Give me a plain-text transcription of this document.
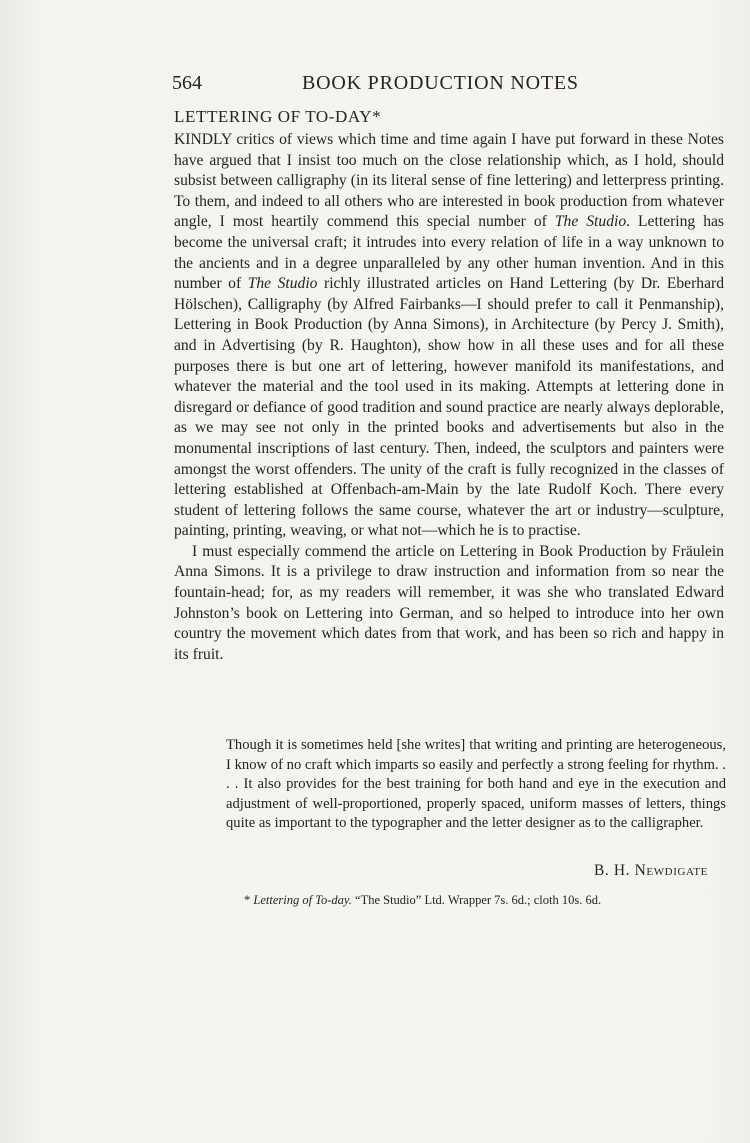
564	BOOK PRODUCTION NOTES
LETTERING OF TO-DAY*

KINDLY critics of views which time and time again I have put forward in these Notes have argued that I insist too much on the close relationship which, as I hold, should subsist between calligraphy (in its literal sense of fine lettering) and letterpress printing. To them, and indeed to all others who are interested in book production from whatever angle, I most heartily commend this special number of The Studio. Lettering has become the universal craft; it intrudes into every relation of life in a way unknown to the ancients and in a degree unparalleled by any other human invention. And in this number of The Studio richly illustrated articles on Hand Lettering (by Dr. Eberhard Hölschen), Calligraphy (by Alfred Fairbanks—I should prefer to call it Penmanship), Lettering in Book Production (by Anna Simons), in Architecture (by Percy J. Smith), and in Advertising (by R. Haughton), show how in all these uses and for all these purposes there is but one art of lettering, however manifold its manifestations, and whatever the material and the tool used in its making. Attempts at lettering done in disregard or defiance of good tradition and sound practice are nearly always deplorable, as we may see not only in the printed books and advertisements but also in the monumental inscriptions of last century. Then, indeed, the sculptors and painters were amongst the worst offenders. The unity of the craft is fully recognized in the classes of lettering established at Offenbach-am-Main by the late Rudolf Koch. There every student of lettering follows the same course, whatever the art or industry—sculpture, painting, printing, weaving, or what not—which he is to practise.

I must especially commend the article on Lettering in Book Production by Fräulein Anna Simons. It is a privilege to draw instruction and information from so near the fountain-head; for, as my readers will remember, it was she who translated Edward Johnston’s book on Lettering into German, and so helped to introduce into her own country the movement which dates from that work, and has been so rich and happy in its fruit.

Though it is sometimes held [she writes] that writing and printing are heterogeneous, I know of no craft which imparts so easily and perfectly a strong feeling for rhythm. . . . It also provides for the best training for both hand and eye in the execution and adjustment of well-proportioned, properly spaced, uniform masses of letters, things quite as important to the typographer and the letter designer as to the calligrapher.
B. H. Newdigate
* Lettering of To-day. “The Studio” Ltd. Wrapper 7s. 6d.; cloth 10s. 6d.
